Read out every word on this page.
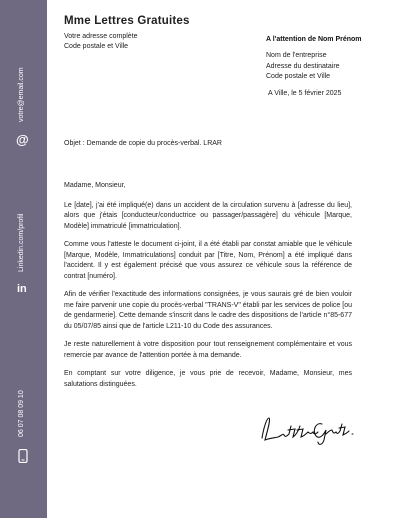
votre@email.com
@
Linkedin.com/profil
in
06 07 08 09 10
Mme Lettres Gratuites
Votre adresse complète
Code postale et Ville
A l'attention de Nom Prénom
Nom de l'entreprise
Adresse du destinataire
Code postale et Ville
A Ville, le 5 février 2025
Objet : Demande de copie du procès-verbal. LRAR

Madame, Monsieur,

Le [date], j'ai été impliqué(e) dans un accident de la circulation survenu à [adresse du lieu], alors que j'étais [conducteur/conductrice ou passager/passagère] du véhicule [Marque, Modèle] immatriculé [immatriculation].

Comme vous l'atteste le document ci-joint, il a été établi par constat amiable que le véhicule [Marque, Modèle, Immatriculations] conduit par [Titre, Nom, Prénom] a été impliqué dans l'accident. Il y est également précisé que vous assurez ce véhicule sous la référence de contrat [numéro].

Afin de vérifier l'exactitude des informations consignées, je vous saurais gré de bien vouloir me faire parvenir une copie du procès-verbal "TRANS-V" établi par les services de police [ou de gendarmerie]. Cette demande s'inscrit dans le cadre des dispositions de l'article n°85-677 du 05/07/85 ainsi que de l'article L211-10 du Code des assurances.

Je reste naturellement à votre disposition pour tout renseignement complémentaire et vous remercie par avance de l'attention portée à ma demande.

En comptant sur votre diligence, je vous prie de recevoir, Madame, Monsieur, mes salutations distinguées.
